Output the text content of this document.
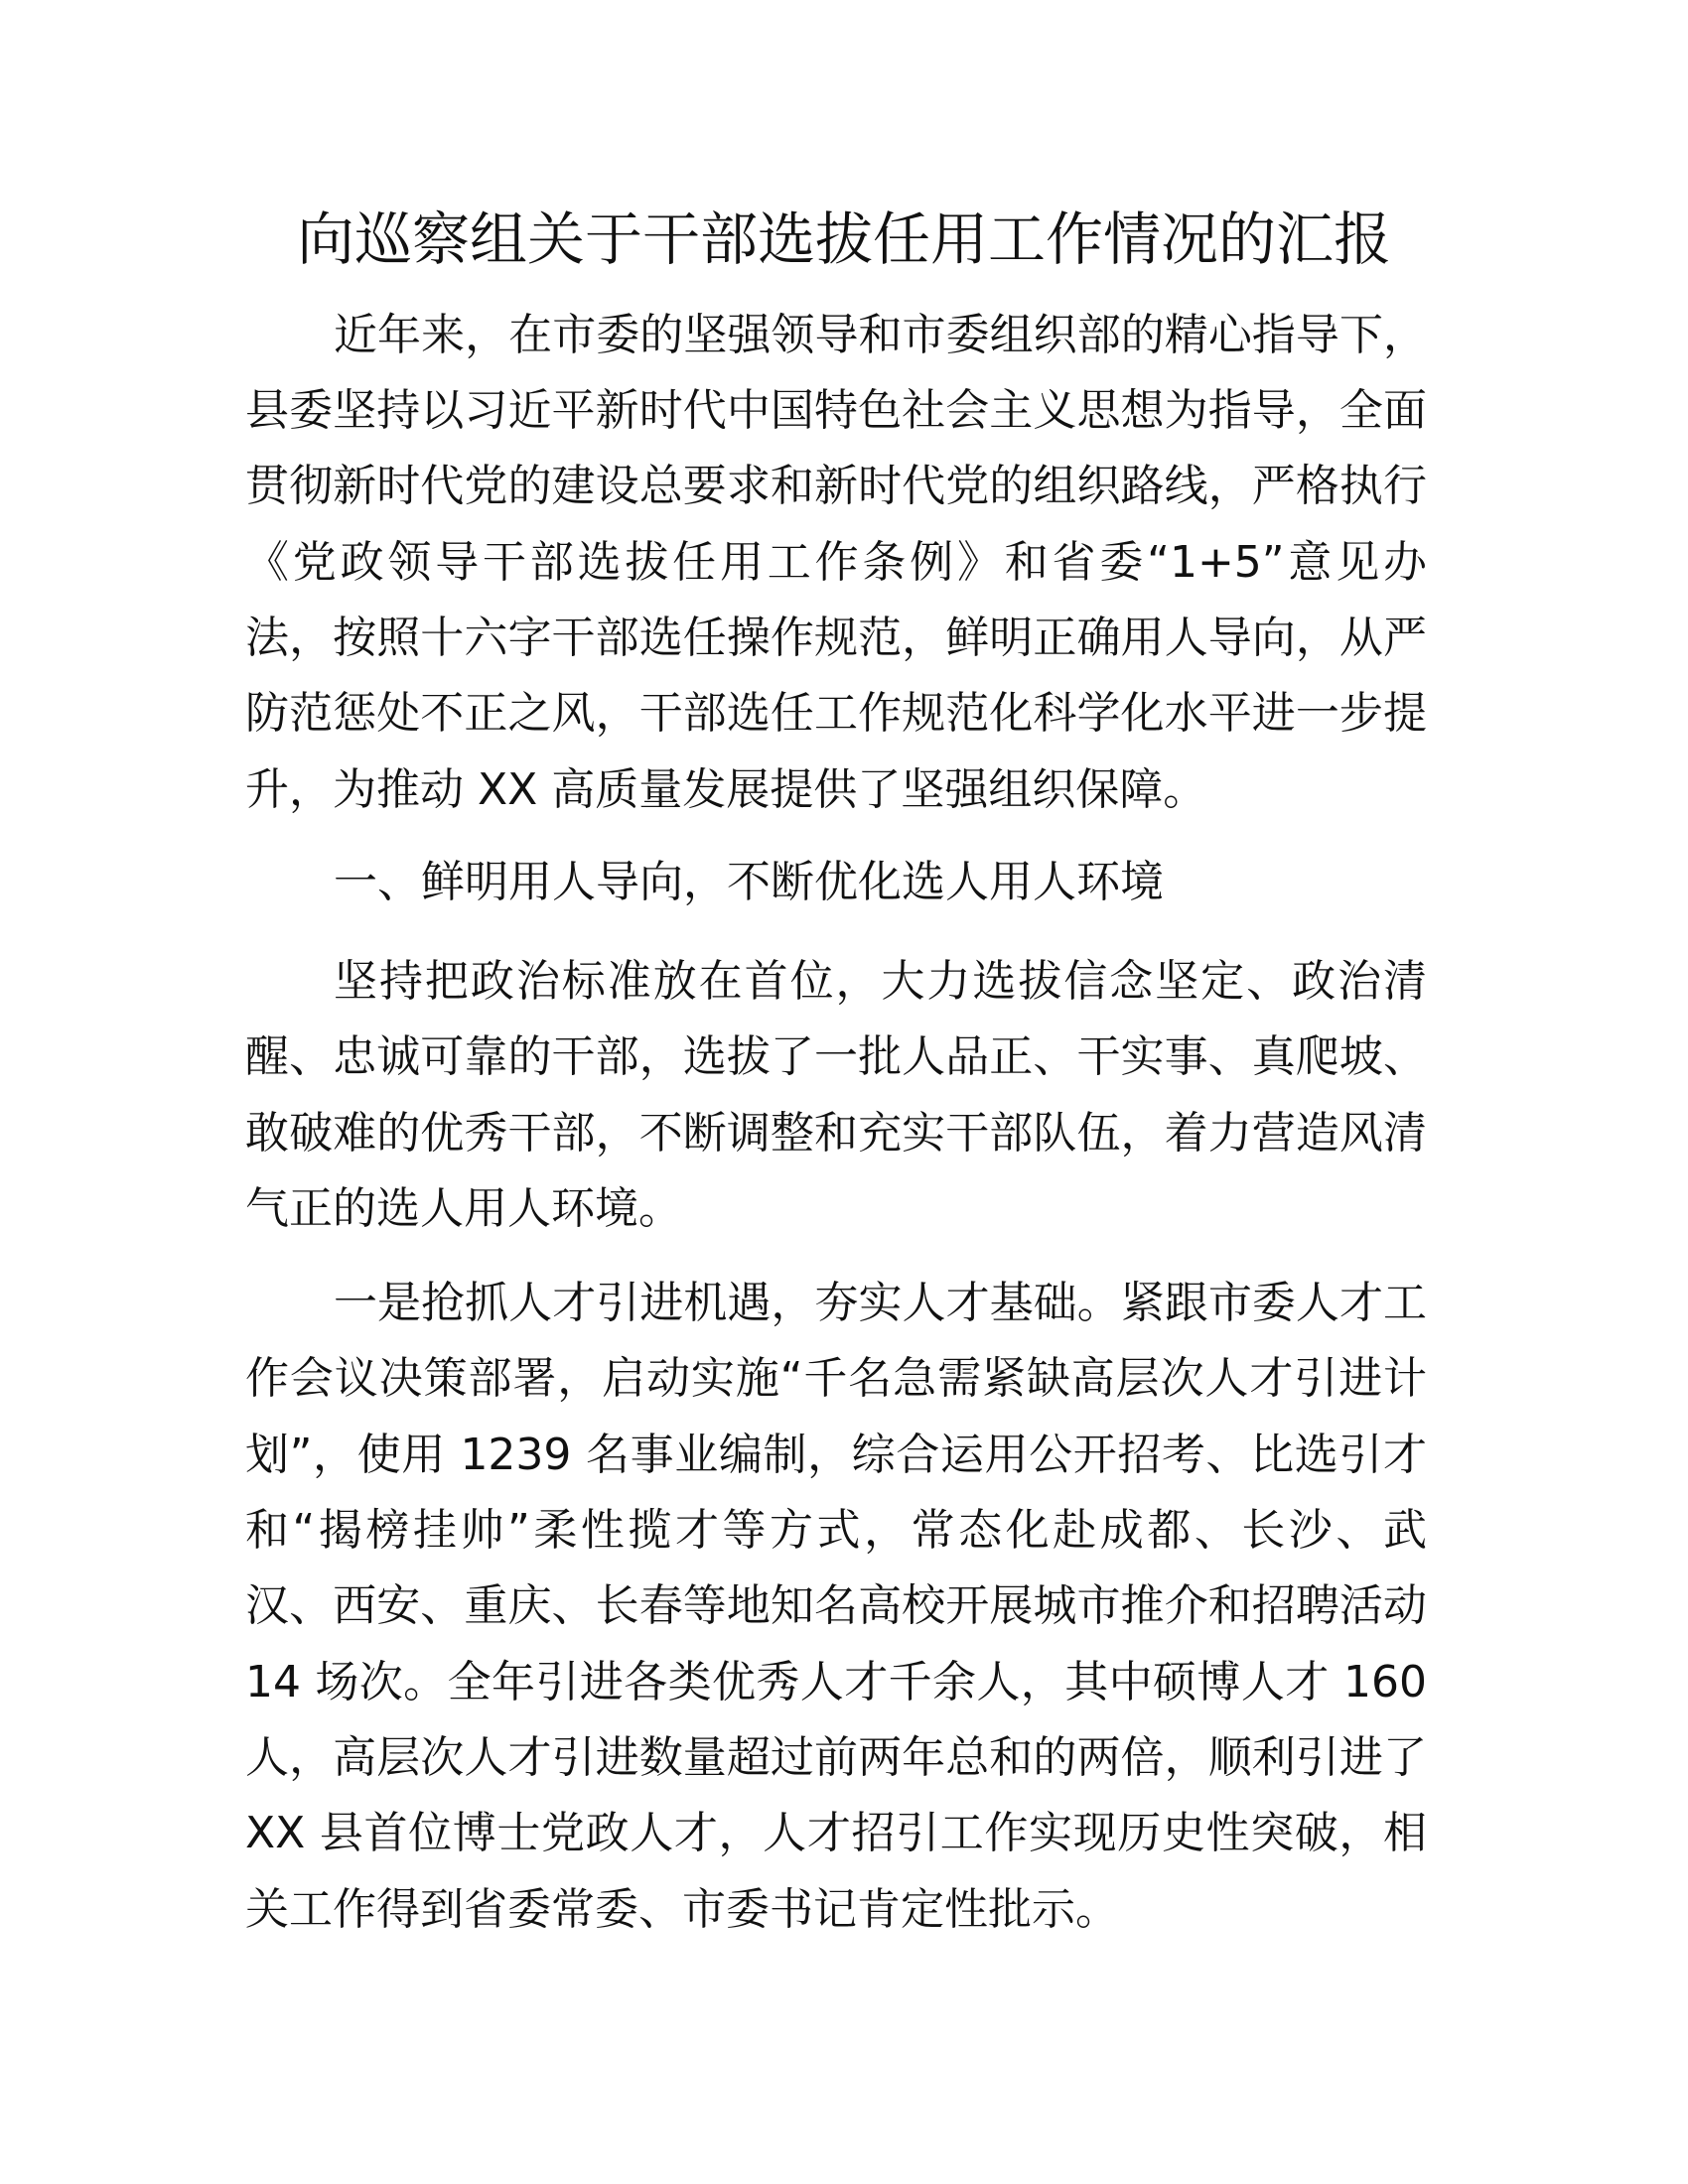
向巡察组关于干部选拔任用工作情况的汇报
近年来，在市委的坚强领导和市委组织部的精心指导下，
县委坚持以习近平新时代中国特色社会主义思想为指导，全面
贯彻新时代党的建设总要求和新时代党的组织路线，严格执行
《党政领导干部选拔任用工作条例》和省委“1+5”意见办
法，按照十六字干部选任操作规范，鲜明正确用人导向，从严
防范惩处不正之风，干部选任工作规范化科学化水平进一步提
升，为推动 XX 高质量发展提供了坚强组织保障。
一、鲜明用人导向，不断优化选人用人环境
坚持把政治标准放在首位，大力选拔信念坚定、政治清
醒、忠诚可靠的干部，选拔了一批人品正、干实事、真爬坡、
敢破难的优秀干部，不断调整和充实干部队伍，着力营造风清
气正的选人用人环境。
一是抢抓人才引进机遇，夯实人才基础。紧跟市委人才工
作会议决策部署，启动实施“千名急需紧缺高层次人才引进计
划”，使用 1239 名事业编制，综合运用公开招考、比选引才
和“揭榜挂帅”柔性揽才等方式，常态化赴成都、长沙、武
汉、西安、重庆、长春等地知名高校开展城市推介和招聘活动
14 场次。全年引进各类优秀人才千余人，其中硕博人才 160
人，高层次人才引进数量超过前两年总和的两倍，顺利引进了
XX 县首位博士党政人才，人才招引工作实现历史性突破，相
关工作得到省委常委、市委书记肯定性批示。
